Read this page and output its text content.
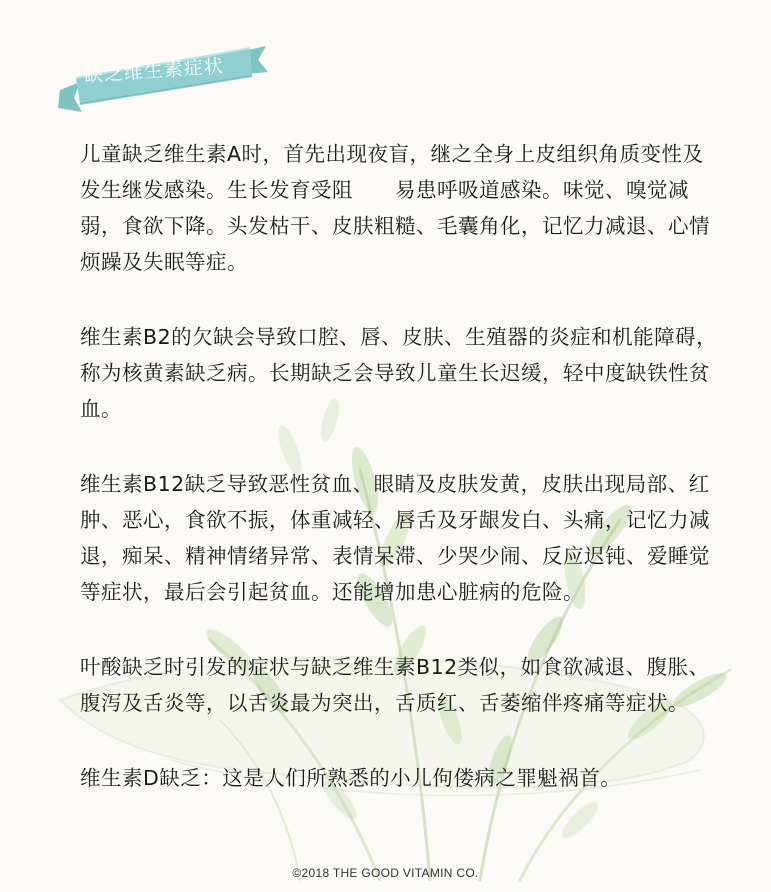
缺乏维生素症状

儿童缺乏维生素A时，首先出现夜盲，继之全身上皮组织角质变性及发生继发感染。生长发育受阻　　易患呼吸道感染。味觉、嗅觉减弱，食欲下降。头发枯干、皮肤粗糙、毛囊角化，记忆力减退、心情烦躁及失眠等症。

维生素B2的欠缺会导致口腔、唇、皮肤、生殖器的炎症和机能障碍，称为核黄素缺乏病。长期缺乏会导致儿童生长迟缓，轻中度缺铁性贫血。

维生素B12缺乏导致恶性贫血、眼睛及皮肤发黄，皮肤出现局部、红肿、恶心，食欲不振，体重减轻、唇舌及牙龈发白、头痛，记忆力减退，痴呆、精神情绪异常、表情呆滞、少哭少闹、反应迟钝、爱睡觉等症状，最后会引起贫血。还能增加患心脏病的危险。

叶酸缺乏时引发的症状与缺乏维生素B12类似，如食欲减退、腹胀、腹泻及舌炎等，以舌炎最为突出，舌质红、舌萎缩伴疼痛等症状。

维生素D缺乏：这是人们所熟悉的小儿佝偻病之罪魁祸首。

©2018 THE GOOD VITAMIN CO.
